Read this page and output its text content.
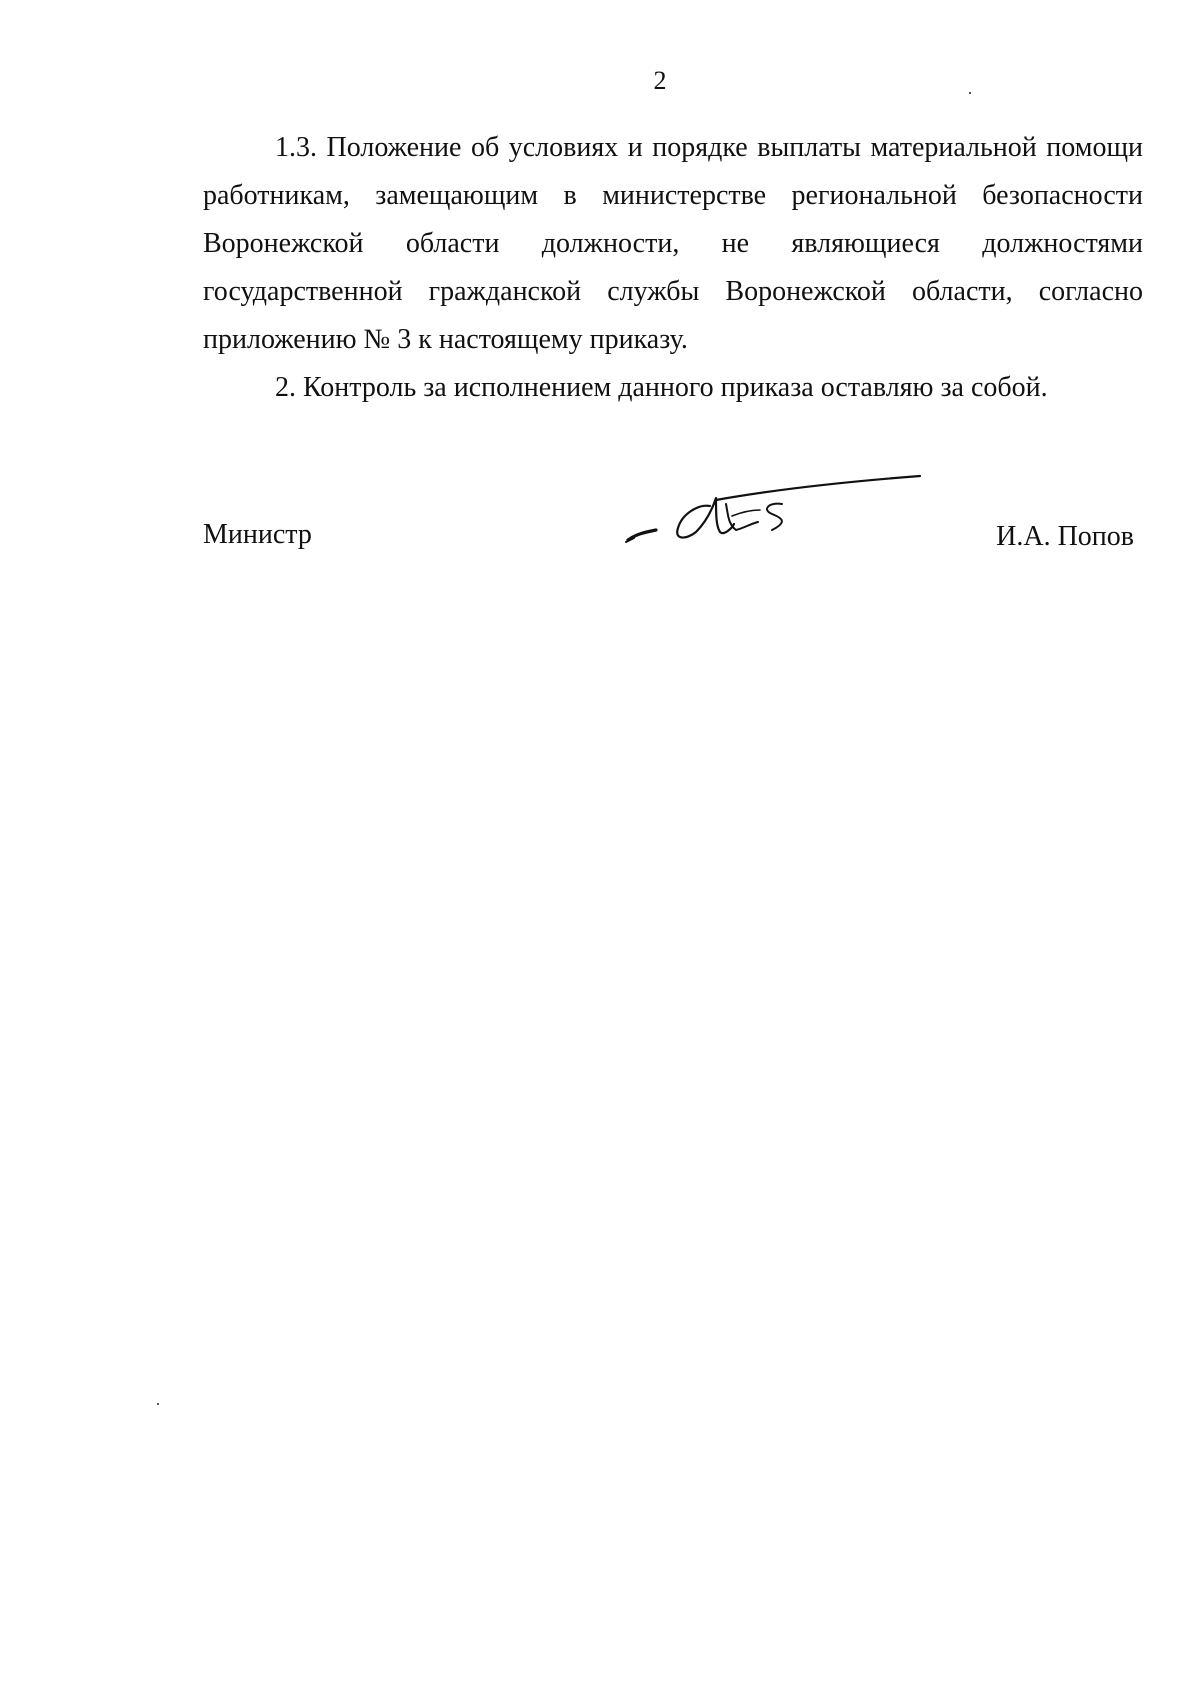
2

1.3. Положение об условиях и порядке выплаты материальной помощи работникам, замещающим в министерстве региональной безопасности Воронежской области должности, не являющиеся должностями государственной гражданской службы Воронежской области, согласно приложению № 3 к настоящему приказу.

2. Контроль за исполнением данного приказа оставляю за собой.

Министр	И.А. Попов
